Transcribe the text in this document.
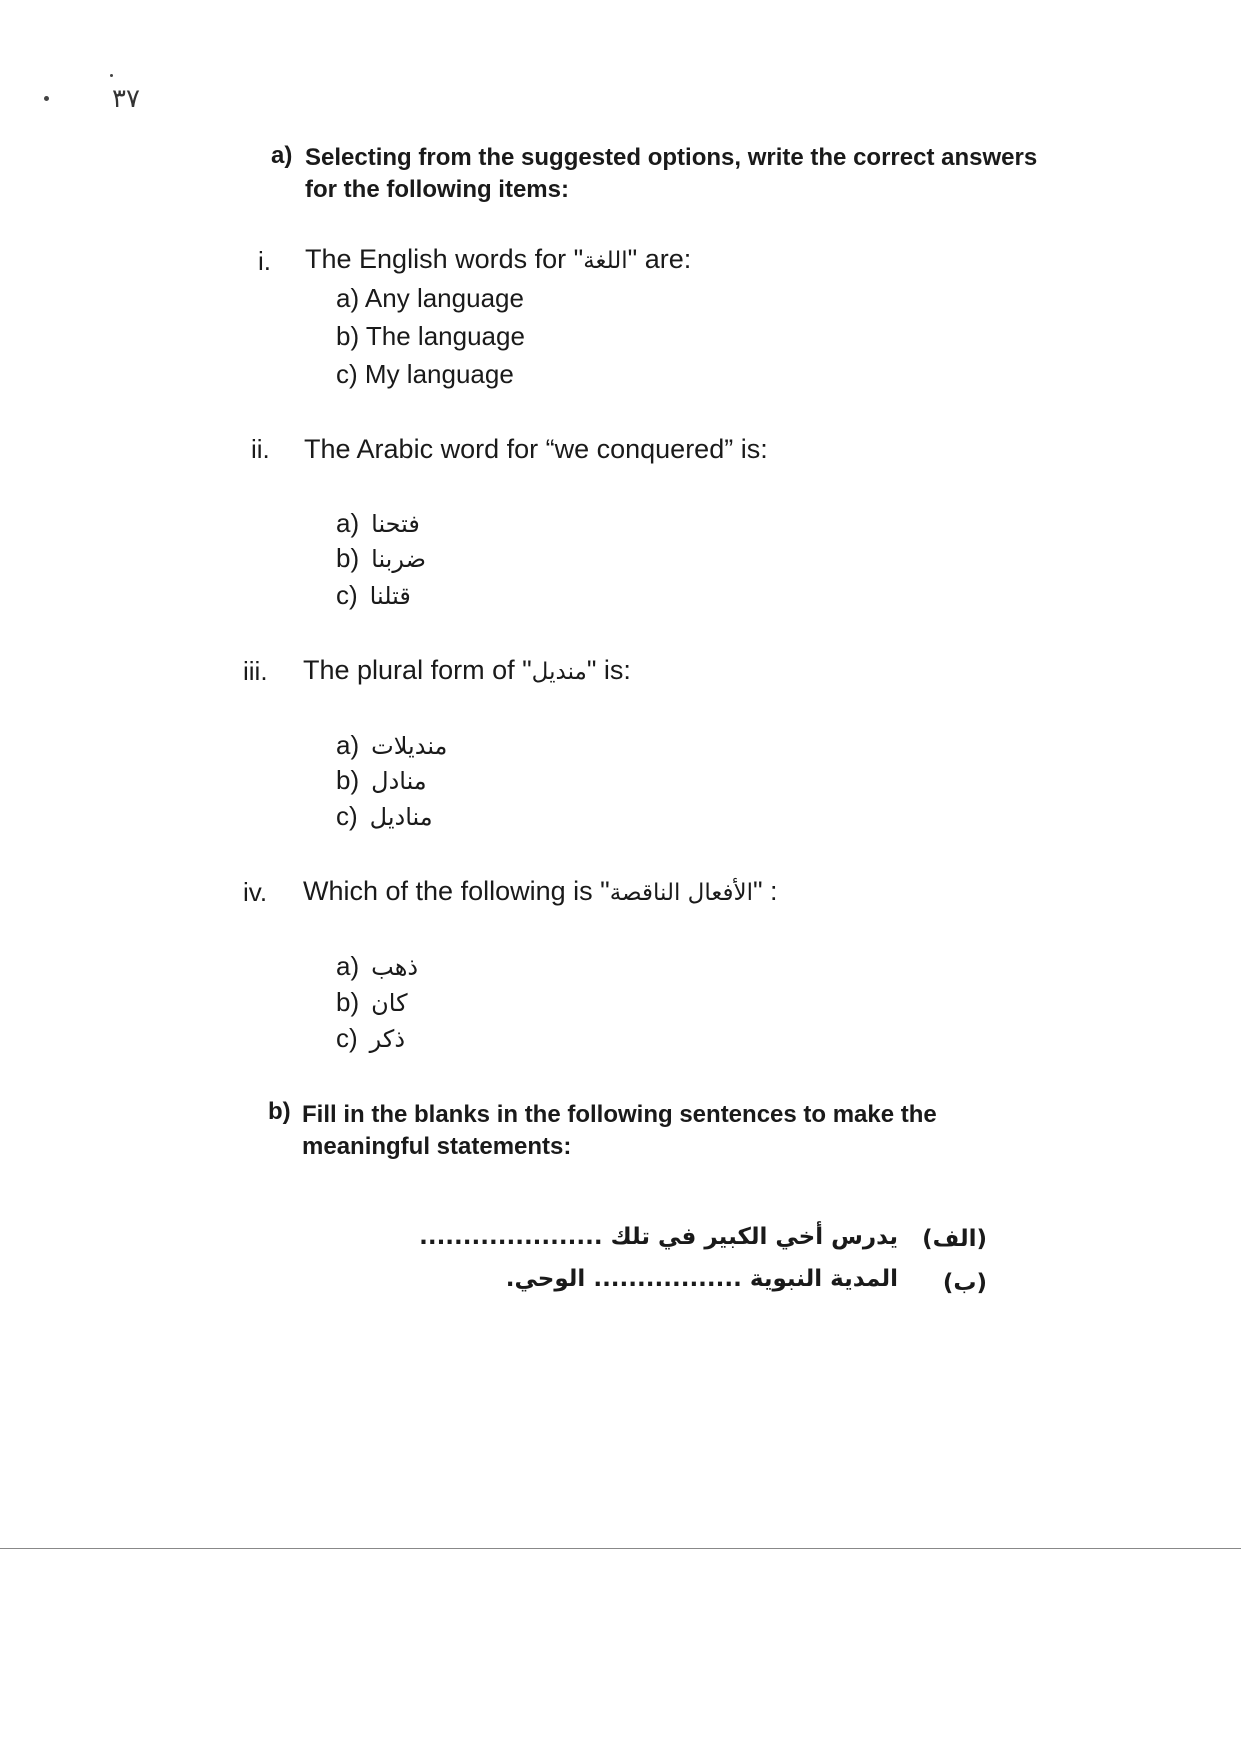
٣٧
a) Selecting from the suggested options, write the correct answers
for the following items:
i. The English words for "اللغة" are:
a) Any language
b) The language
c) My language
ii. The Arabic word for “we conquered” is:
a) فتحنا
b) ضربنا
c) قتلنا
iii. The plural form of "منديل" is:
a) منديلات
b) منادل
c) مناديل
iv. Which of the following is "الأفعال الناقصة" :
a) ذهب
b) كان
c) ذكر
b) Fill in the blanks in the following sentences to make the
meaningful statements:
(الف)
يدرس أخي الكبير في تلك .....................
(ب)
المدية النبوية ................. الوحي.
